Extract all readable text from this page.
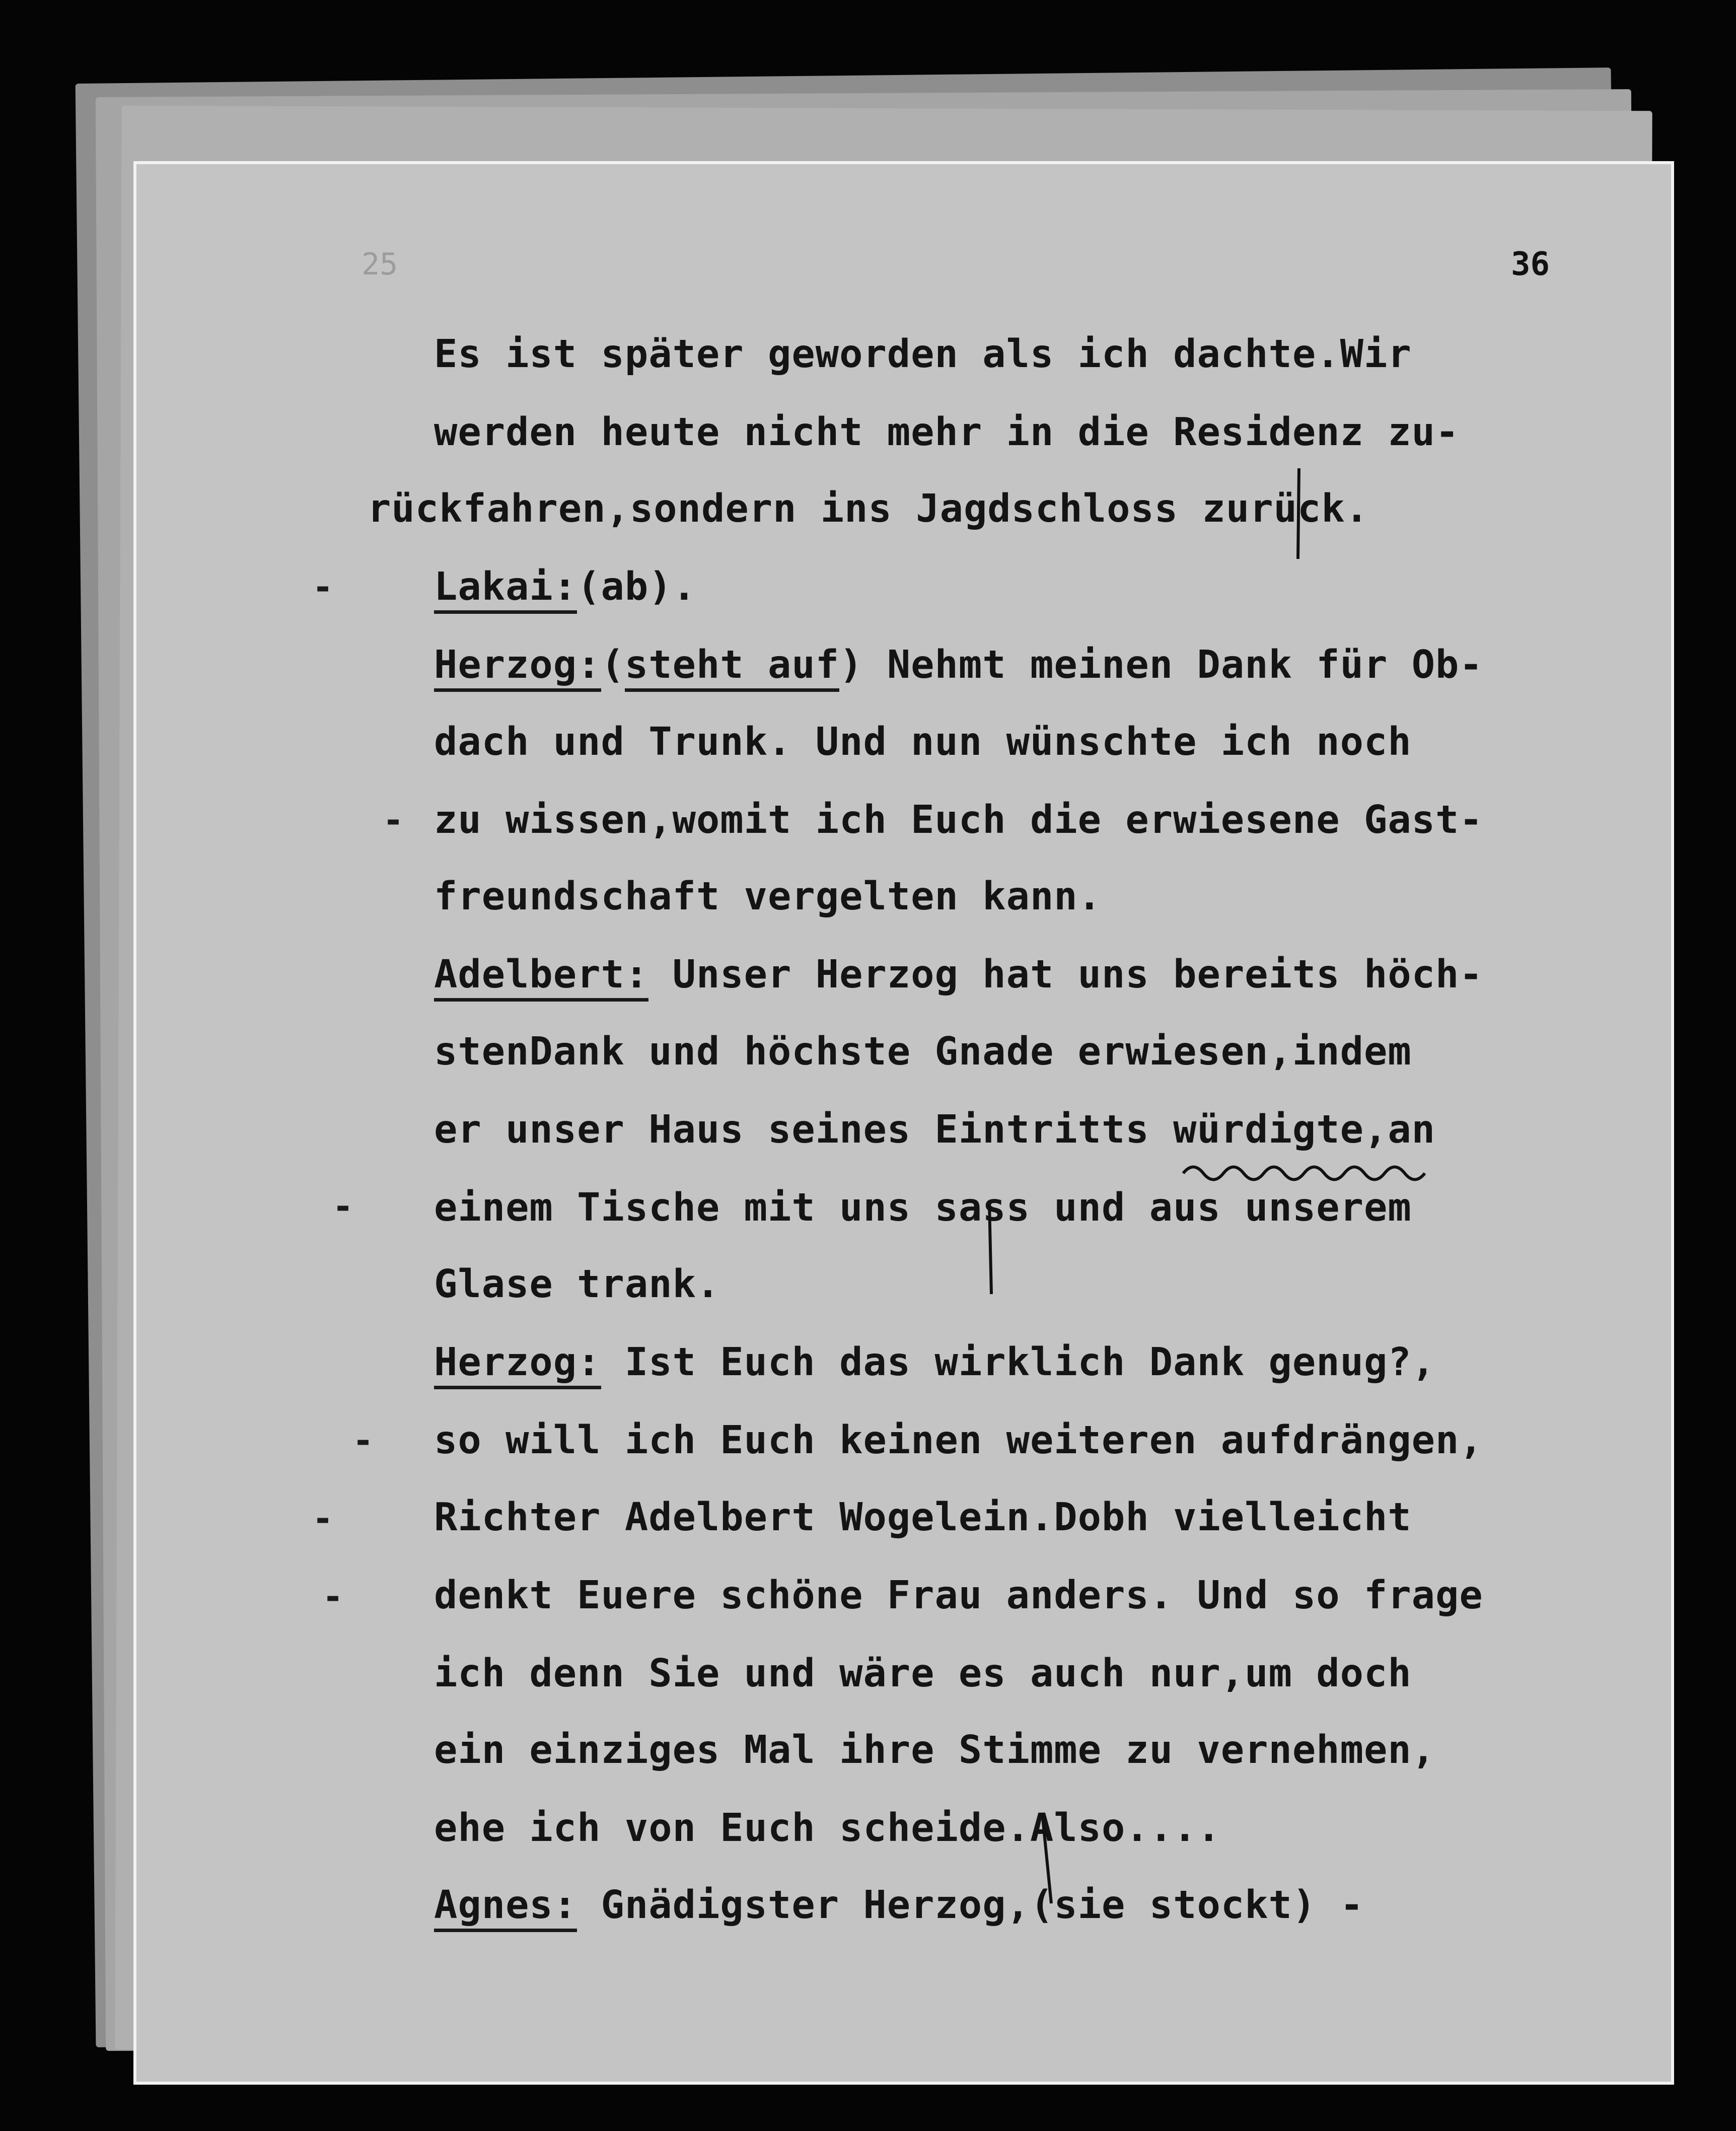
25	36
-
-
-
-
-
-
Es ist später geworden als ich dachte.Wir
werden heute nicht mehr in die Residenz zu-
rückfahren,sondern ins Jagdschloss zurück.
Lakai:(ab).
Herzog:(steht auf) Nehmt meinen Dank für Ob-
dach und Trunk. Und nun wünschte ich noch
zu wissen,womit ich Euch die erwiesene Gast-
freundschaft vergelten kann.
Adelbert: Unser Herzog hat uns bereits höch-
stenDank und höchste Gnade erwiesen,indem
er unser Haus seines Eintritts würdigte,an
einem Tische mit uns sass und aus unserem
Glase trank.
Herzog: Ist Euch das wirklich Dank genug?,
so will ich Euch keinen weiteren aufdrängen,
Richter Adelbert Wogelein.Dobh vielleicht
denkt Euere schöne Frau anders. Und so frage
ich denn Sie und wäre es auch nur,um doch
ein einziges Mal ihre Stimme zu vernehmen,
ehe ich von Euch scheide.Also....
Agnes: Gnädigster Herzog,(sie stockt) -
